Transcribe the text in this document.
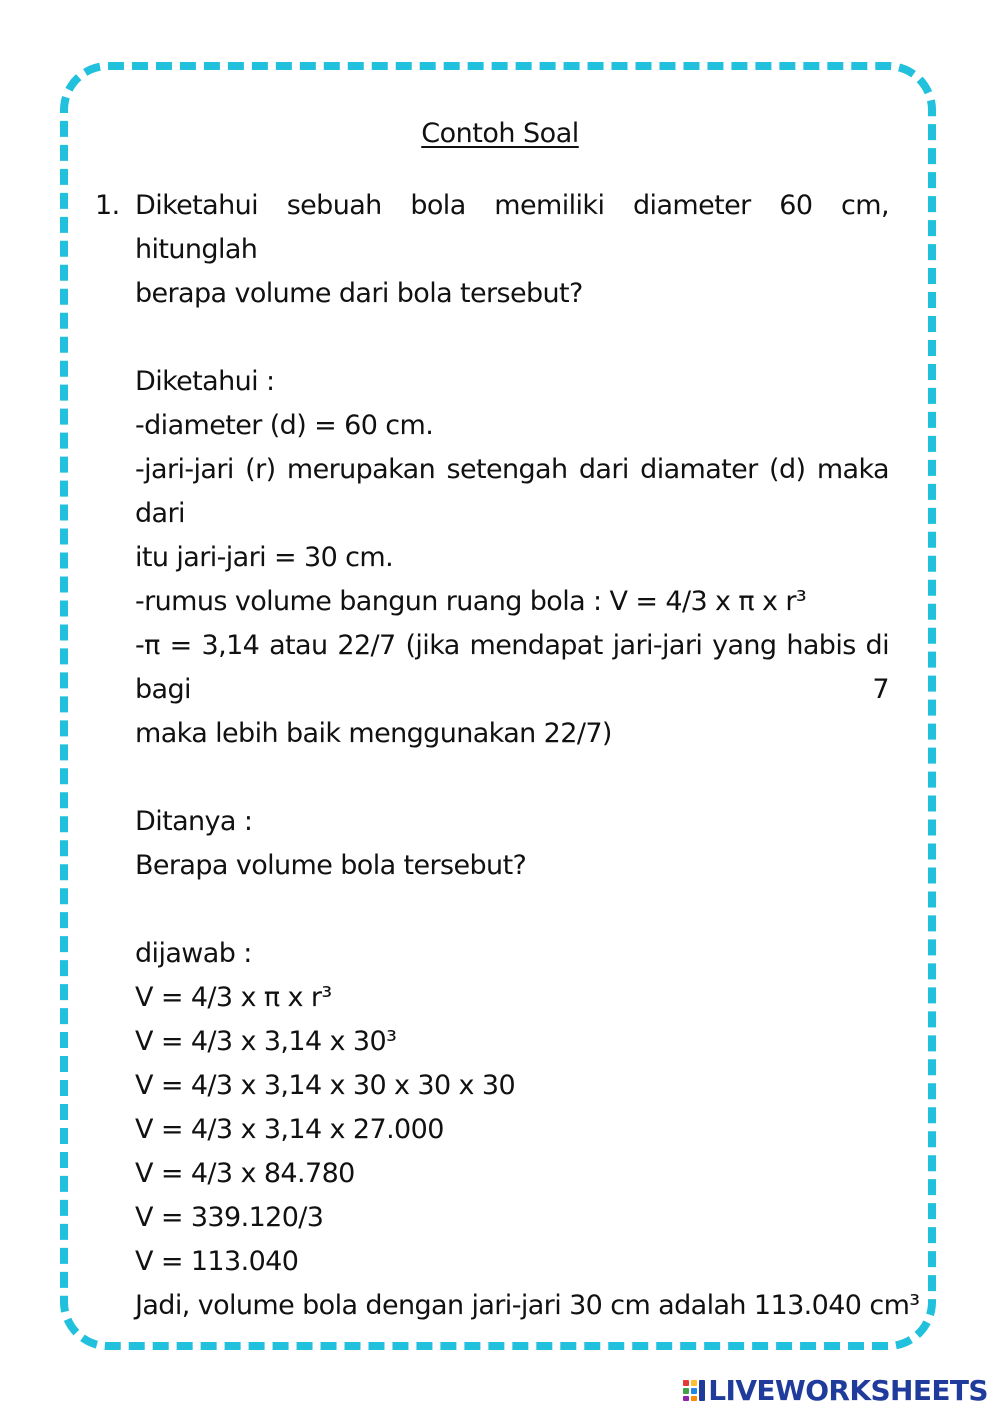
Contoh Soal
1. Diketahui sebuah bola memiliki diameter 60 cm, hitunglah
berapa volume dari bola tersebut?
Diketahui :
-diameter (d) = 60 cm.
-jari-jari (r) merupakan setengah dari diamater (d) maka dari
itu jari-jari = 30 cm.
-rumus volume bangun ruang bola : V = 4/3 x π x r³
-π = 3,14 atau 22/7 (jika mendapat jari-jari yang habis di bagi 7
maka lebih baik menggunakan 22/7)
Ditanya :
Berapa volume bola tersebut?
dijawab :
V = 4/3 x π x r³
V = 4/3 x 3,14 x 30³
V = 4/3 x 3,14 x 30 x 30 x 30
V = 4/3 x 3,14 x 27.000
V = 4/3 x 84.780
V = 339.120/3
V = 113.040
Jadi, volume bola dengan jari-jari 30 cm adalah 113.040 cm³
LIVEWORKSHEETS
